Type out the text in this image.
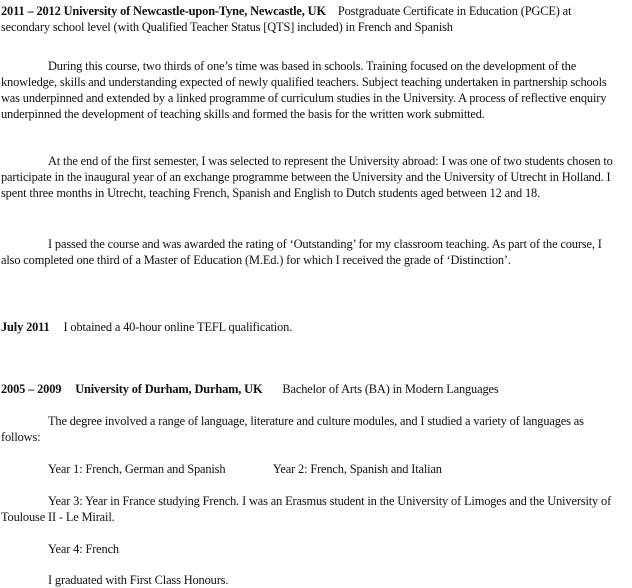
2011 – 2012 University of Newcastle-upon-Tyne, Newcastle, UK Postgraduate Certificate in Education (PGCE) at secondary school level (with Qualified Teacher Status [QTS] included) in French and Spanish

During this course, two thirds of one’s time was based in schools. Training focused on the development of the knowledge, skills and understanding expected of newly qualified teachers. Subject teaching undertaken in partnership schools was underpinned and extended by a linked programme of curriculum studies in the University. A process of reflective enquiry underpinned the development of teaching skills and formed the basis for the written work submitted.

At the end of the first semester, I was selected to represent the University abroad: I was one of two students chosen to participate in the inaugural year of an exchange programme between the University and the University of Utrecht in Holland. I spent three months in Utrecht, teaching French, Spanish and English to Dutch students aged between 12 and 18.

I passed the course and was awarded the rating of ‘Outstanding’ for my classroom teaching. As part of the course, I also completed one third of a Master of Education (M.Ed.) for which I received the grade of ‘Distinction’.

July 2011 I obtained a 40-hour online TEFL qualification.

2005 – 2009 University of Durham, Durham, UK Bachelor of Arts (BA) in Modern Languages

The degree involved a range of language, literature and culture modules, and I studied a variety of languages as follows:

Year 1: French, German and Spanish	Year 2: French, Spanish and Italian

Year 3: Year in France studying French. I was an Erasmus student in the University of Limoges and the University of Toulouse II - Le Mirail.

Year 4: French

I graduated with First Class Honours.
